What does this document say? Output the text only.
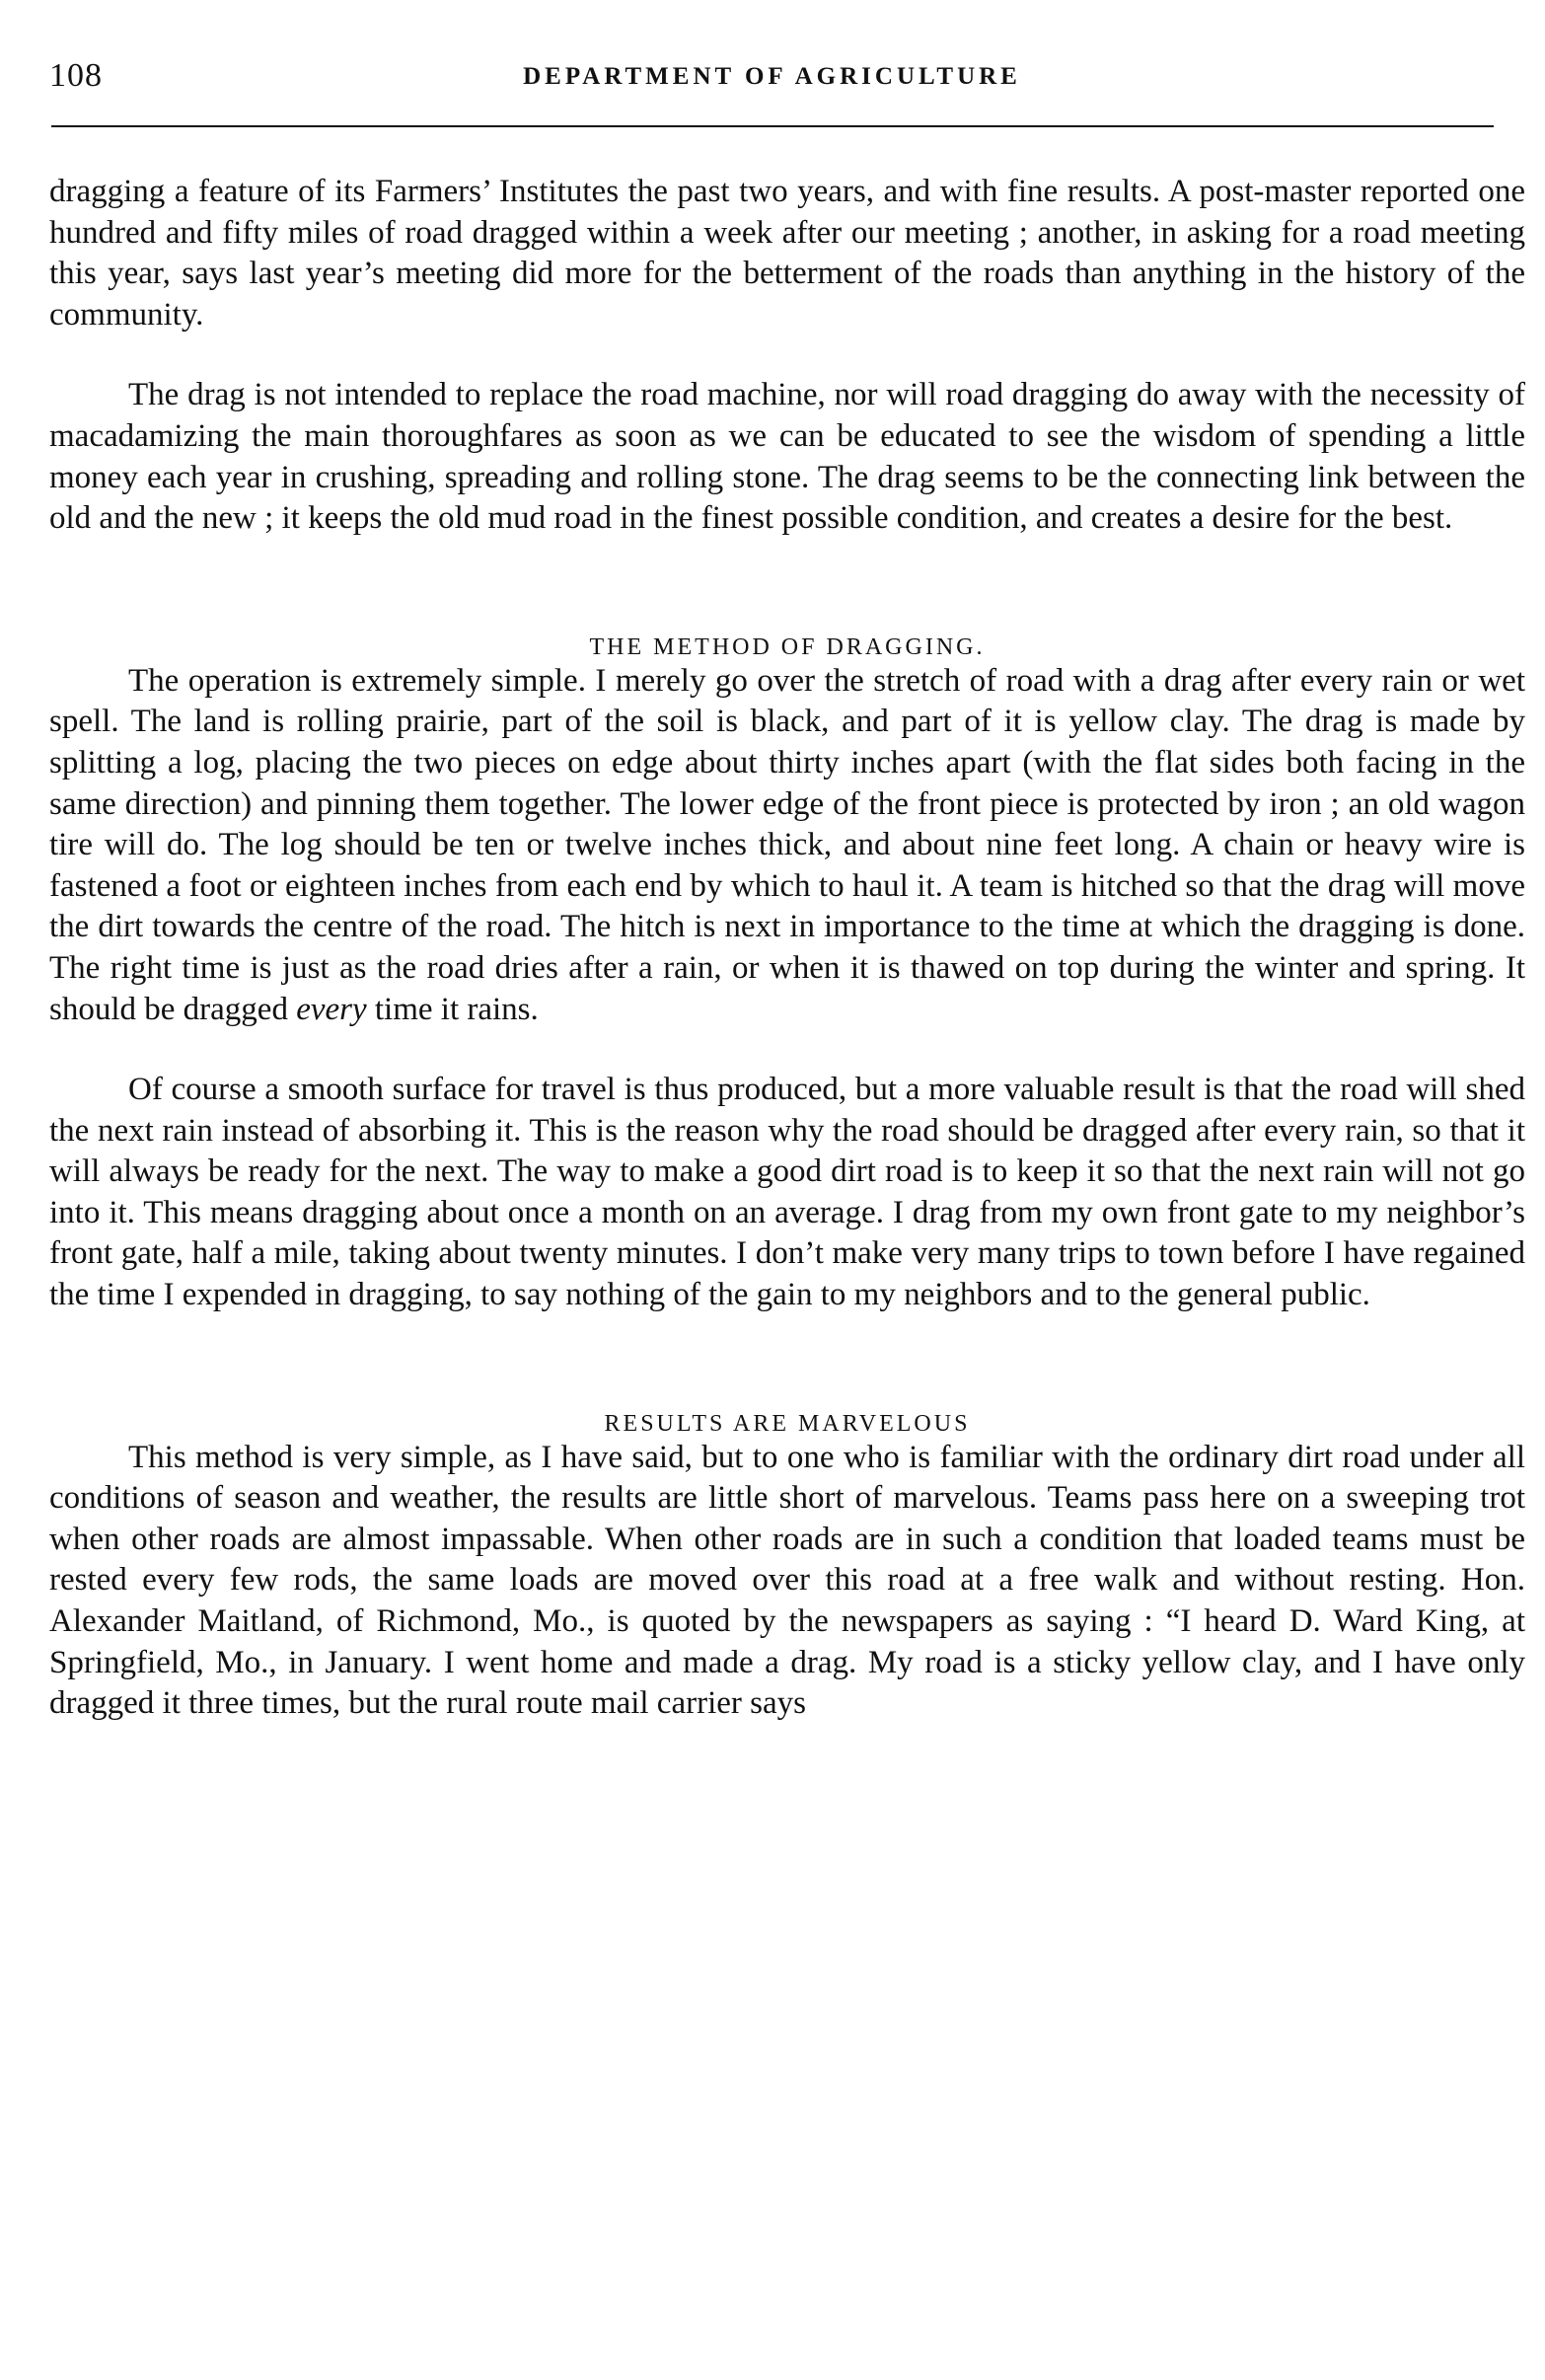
108	DEPARTMENT OF AGRICULTURE

dragging a feature of its Farmers’ Institutes the past two years, and with fine results. A post-master reported one hundred and fifty miles of road dragged within a week after our meeting ; another, in asking for a road meeting this year, says last year’s meeting did more for the betterment of the roads than anything in the history of the community.

The drag is not intended to replace the road machine, nor will road dragging do away with the necessity of macadamizing the main thoroughfares as soon as we can be educated to see the wisdom of spending a little money each year in crushing, spreading and rolling stone. The drag seems to be the connecting link between the old and the new ; it keeps the old mud road in the finest possible condition, and creates a desire for the best.

THE METHOD OF DRAGGING.

The operation is extremely simple. I merely go over the stretch of road with a drag after every rain or wet spell. The land is rolling prairie, part of the soil is black, and part of it is yellow clay. The drag is made by splitting a log, placing the two pieces on edge about thirty inches apart (with the flat sides both facing in the same direction) and pinning them together. The lower edge of the front piece is protected by iron ; an old wagon tire will do. The log should be ten or twelve inches thick, and about nine feet long. A chain or heavy wire is fastened a foot or eighteen inches from each end by which to haul it. A team is hitched so that the drag will move the dirt towards the centre of the road. The hitch is next in importance to the time at which the dragging is done. The right time is just as the road dries after a rain, or when it is thawed on top during the winter and spring. It should be dragged every time it rains.

Of course a smooth surface for travel is thus produced, but a more valuable result is that the road will shed the next rain instead of absorbing it. This is the reason why the road should be dragged after every rain, so that it will always be ready for the next. The way to make a good dirt road is to keep it so that the next rain will not go into it. This means dragging about once a month on an average. I drag from my own front gate to my neighbor’s front gate, half a mile, taking about twenty minutes. I don’t make very many trips to town before I have regained the time I expended in dragging, to say nothing of the gain to my neighbors and to the general public.

RESULTS ARE MARVELOUS

This method is very simple, as I have said, but to one who is familiar with the ordinary dirt road under all conditions of season and weather, the results are little short of marvelous. Teams pass here on a sweeping trot when other roads are almost impassable. When other roads are in such a condition that loaded teams must be rested every few rods, the same loads are moved over this road at a free walk and without resting. Hon. Alexander Maitland, of Richmond, Mo., is quoted by the newspapers as saying : “I heard D. Ward King, at Springfield, Mo., in January. I went home and made a drag. My road is a sticky yellow clay, and I have only dragged it three times, but the rural route mail carrier says
